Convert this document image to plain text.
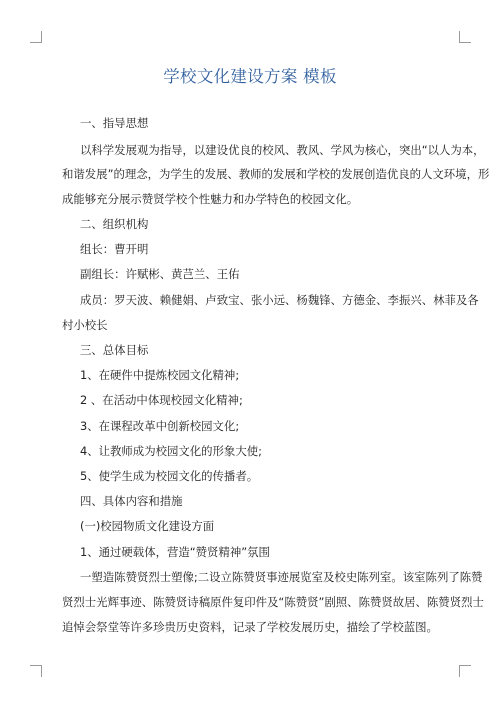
学校文化建设方案 模板

一、指导思想

以科学发展观为指导，以建设优良的校风、教风、学风为核心，突出“以人为本，

和谐发展”的理念，为学生的发展、教师的发展和学校的发展创造优良的人文环境，形

成能够充分展示赞贤学校个性魅力和办学特色的校园文化。

二、组织机构

组长：曹开明

副组长：许赋彬、黄芑兰、王佑

成员：罗天波、赖健娟、卢致宝、张小远、杨魏锋、方德金、李振兴、林菲及各

村小校长

三、总体目标

1、在硬件中提炼校园文化精神;

2 、在活动中体现校园文化精神;

3、在课程改革中创新校园文化;

4、让教师成为校园文化的形象大使;

5、使学生成为校园文化的传播者。

四、具体内容和措施

(一)校园物质文化建设方面

1、通过硬载体，营造“赞贤精神”氛围

一塑造陈赞贤烈士塑像;二设立陈赞贤事迹展览室及校史陈列室。该室陈列了陈赞

贤烈士光辉事迹、陈赞贤诗稿原件复印件及“陈赞贤”剧照、陈赞贤故居、陈赞贤烈士

追悼会祭堂等许多珍贵历史资料，记录了学校发展历史，描绘了学校蓝图。
